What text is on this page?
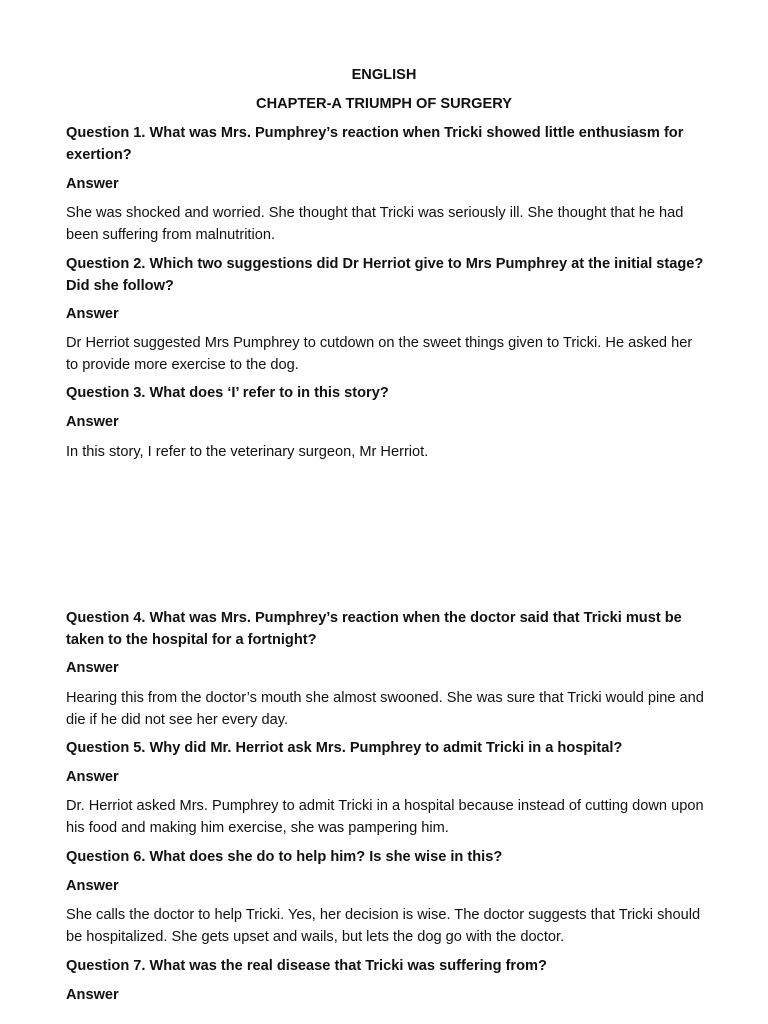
ENGLISH

CHAPTER-A TRIUMPH OF SURGERY

Question 1. What was Mrs. Pumphrey’s reaction when Tricki showed little enthusiasm for exertion?

Answer

She was shocked and worried. She thought that Tricki was seriously ill. She thought that he had been suffering from malnutrition.

Question 2. Which two suggestions did Dr Herriot give to Mrs Pumphrey at the initial stage? Did she follow?

Answer

Dr Herriot suggested Mrs Pumphrey to cutdown on the sweet things given to Tricki. He asked her to provide more exercise to the dog.

Question 3. What does ‘I’ refer to in this story?

Answer

In this story, I refer to the veterinary surgeon, Mr Herriot.

Question 4. What was Mrs. Pumphrey’s reaction when the doctor said that Tricki must be taken to the hospital for a fortnight?

Answer

Hearing this from the doctor’s mouth she almost swooned. She was sure that Tricki would pine and die if he did not see her every day.

Question 5. Why did Mr. Herriot ask Mrs. Pumphrey to admit Tricki in a hospital?

Answer

Dr. Herriot asked Mrs. Pumphrey to admit Tricki in a hospital because instead of cutting down upon his food and making him exercise, she was pampering him.

Question 6. What does she do to help him? Is she wise in this?

Answer

She calls the doctor to help Tricki. Yes, her decision is wise. The doctor suggests that Tricki should be hospitalized. She gets upset and wails, but lets the dog go with the doctor.

Question 7. What was the real disease that Tricki was suffering from?

Answer
